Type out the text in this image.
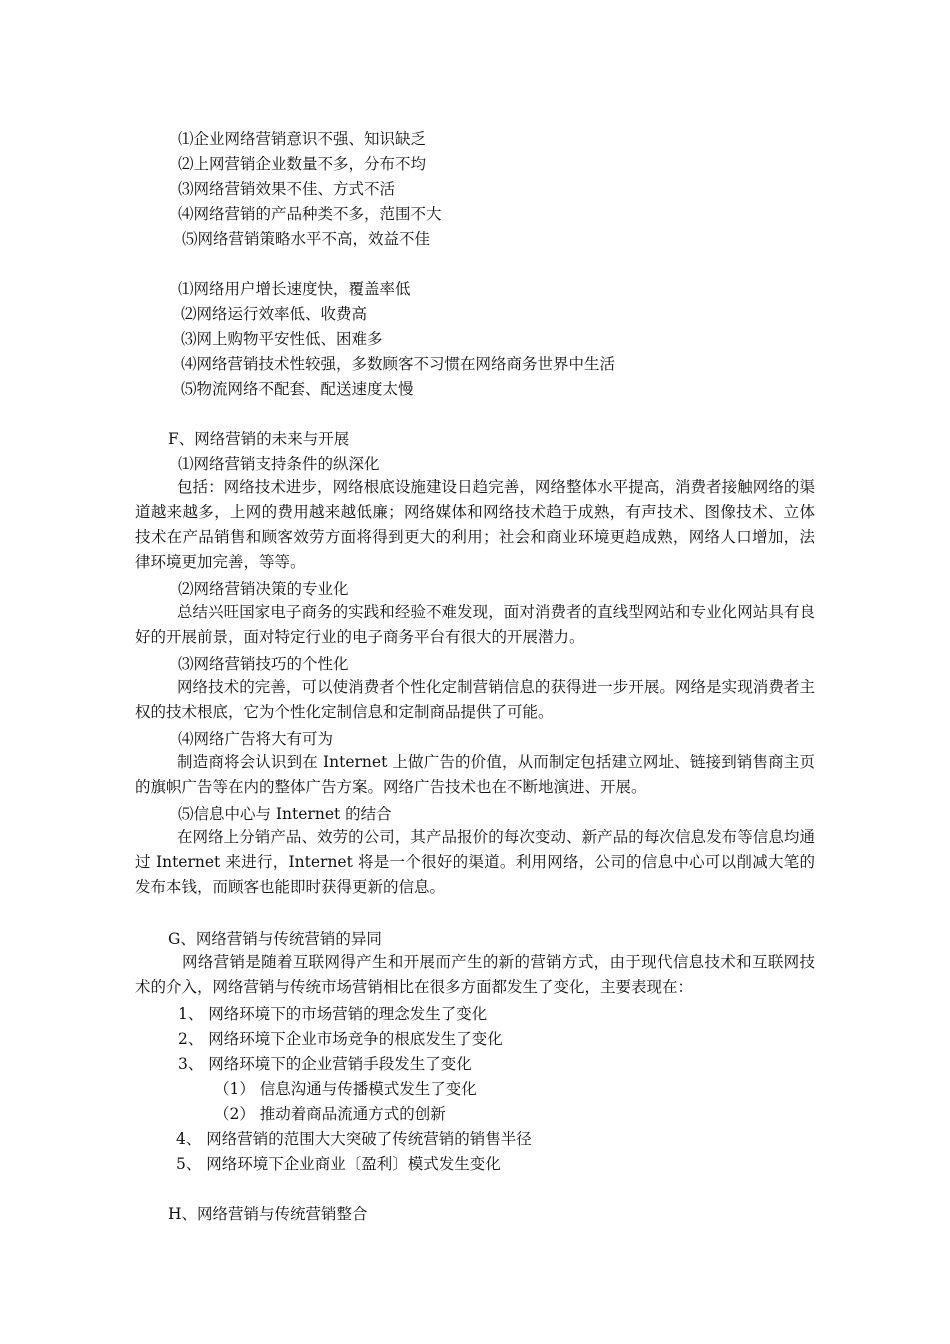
⑴企业网络营销意识不强、知识缺乏
⑵上网营销企业数量不多，分布不均
⑶网络营销效果不佳、方式不活
⑷网络营销的产品种类不多，范围不大
⑸网络营销策略水平不高，效益不佳
⑴网络用户增长速度快，覆盖率低
⑵网络运行效率低、收费高
⑶网上购物平安性低、困难多
⑷网络营销技术性较强，多数顾客不习惯在网络商务世界中生活
⑸物流网络不配套、配送速度太慢
F、网络营销的未来与开展
⑴网络营销支持条件的纵深化
包括：网络技术进步，网络根底设施建设日趋完善，网络整体水平提高，消费者接触网络的渠道越来越多，上网的费用越来越低廉；网络媒体和网络技术趋于成熟，有声技术、图像技术、立体技术在产品销售和顾客效劳方面将得到更大的利用；社会和商业环境更趋成熟，网络人口增加，法律环境更加完善，等等。
⑵网络营销决策的专业化
总结兴旺国家电子商务的实践和经验不难发现，面对消费者的直线型网站和专业化网站具有良好的开展前景，面对特定行业的电子商务平台有很大的开展潜力。
⑶网络营销技巧的个性化
网络技术的完善，可以使消费者个性化定制营销信息的获得进一步开展。网络是实现消费者主权的技术根底，它为个性化定制信息和定制商品提供了可能。
⑷网络广告将大有可为
制造商将会认识到在 Internet 上做广告的价值，从而制定包括建立网址、链接到销售商主页的旗帜广告等在内的整体广告方案。网络广告技术也在不断地演进、开展。
⑸信息中心与 Internet 的结合
在网络上分销产品、效劳的公司，其产品报价的每次变动、新产品的每次信息发布等信息均通过 Internet 来进行，Internet 将是一个很好的渠道。利用网络，公司的信息中心可以削减大笔的发布本钱，而顾客也能即时获得更新的信息。
G、网络营销与传统营销的异同
网络营销是随着互联网得产生和开展而产生的新的营销方式，由于现代信息技术和互联网技术的介入，网络营销与传统市场营销相比在很多方面都发生了变化，主要表现在：
1、 网络环境下的市场营销的理念发生了变化
2、 网络环境下企业市场竞争的根底发生了变化
3、 网络环境下的企业营销手段发生了变化
（1） 信息沟通与传播模式发生了变化
（2） 推动着商品流通方式的创新
4、 网络营销的范围大大突破了传统营销的销售半径
5、 网络环境下企业商业〔盈利〕模式发生变化
H、网络营销与传统营销整合
